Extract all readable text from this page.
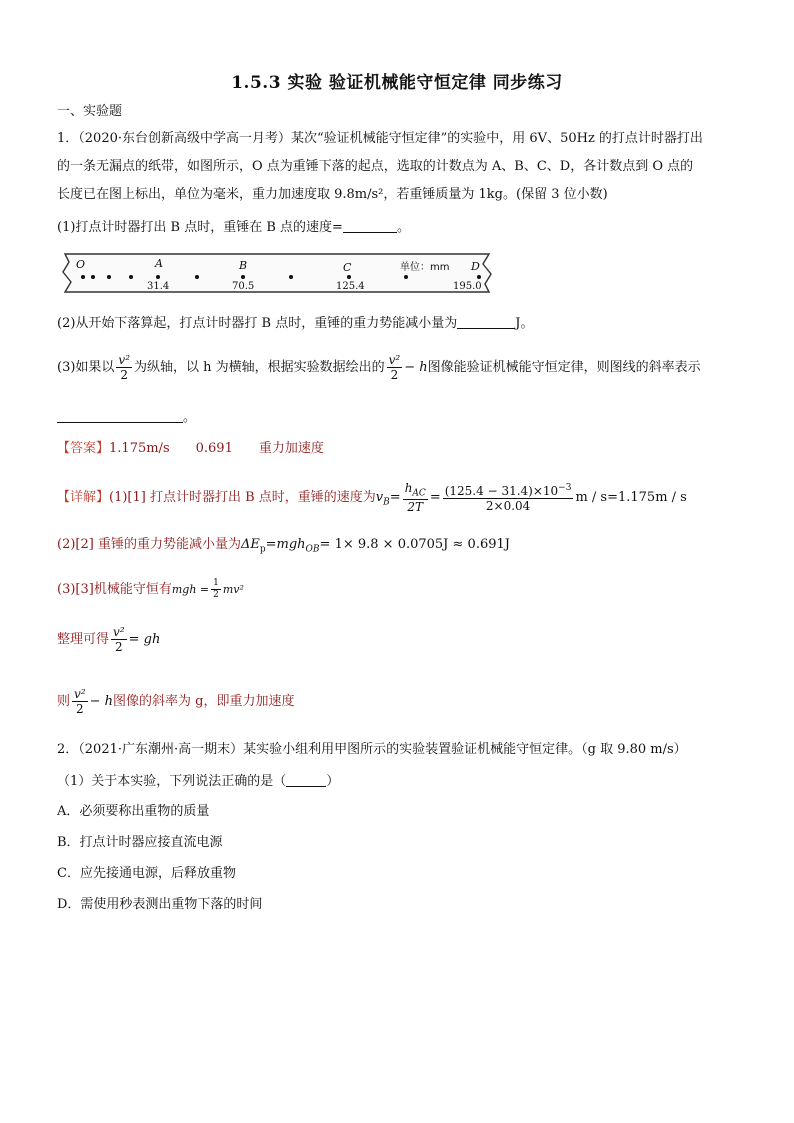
1.5.3 实验 验证机械能守恒定律 同步练习
一、实验题
1．（2020·东台创新高级中学高一月考）某次“验证机械能守恒定律”的实验中，用 6V、50Hz 的打点计时器打出
的一条无漏点的纸带，如图所示，O 点为重锤下落的起点，选取的计数点为 A、B、C、D，各计数点到 O 点的
长度已在图上标出，单位为毫米，重力加速度取 9.8m/s²，若重锤质量为 1kg。(保留 3 位小数)
(1)打点计时器打出 B 点时，重锤在 B 点的速度=	。
O	A	B	C	D
单位：mm
31.4	70.5	125.4	195.0
(2)从开始下落算起，打点计时器打 B 点时，重锤的重力势能减小量为	J。
(3)如果以 $\frac{\text{v²}}{2}$ 为纵轴，以 h 为横轴，根据实验数据绘出的 $\frac{\text{v²}}{2} - h$图像能验证机械能守恒定律，则图线的斜率表示
。
【答案】1.175m/s 0.691 重力加速度
【详解】(1)[1] 打点计时器打出 B 点时，重锤的速度为$v_B= \frac{h_{AC}}{2T} = \frac{(125.4 - 31.4)\times 10^{-3}}{2\times 0.04}$ m / s=1.175m / s
(2)[2] 重锤的重力势能减小量为$\Delta E_p=mgh_{OB}= 1\times 9.8 \times 0.0705J \approx 0.691J$
(3)[3]机械能守恒有mgh = $\frac{1}{2} mv^2$
整理可得 $\frac{\text{v²}}{2}$ = gh
则 $\frac{\text{v²}}{2} - h$图像的斜率为 g，即重力加速度
2．（2021·广东潮州·高一期末）某实验小组利用甲图所示的实验装置验证机械能守恒定律。（g 取 9.80 m/s）
（1）关于本实验，下列说法正确的是（	）
A．必须要称出重物的质量
B．打点计时器应接直流电源
C．应先接通电源，后释放重物
D．需使用秒表测出重物下落的时间
